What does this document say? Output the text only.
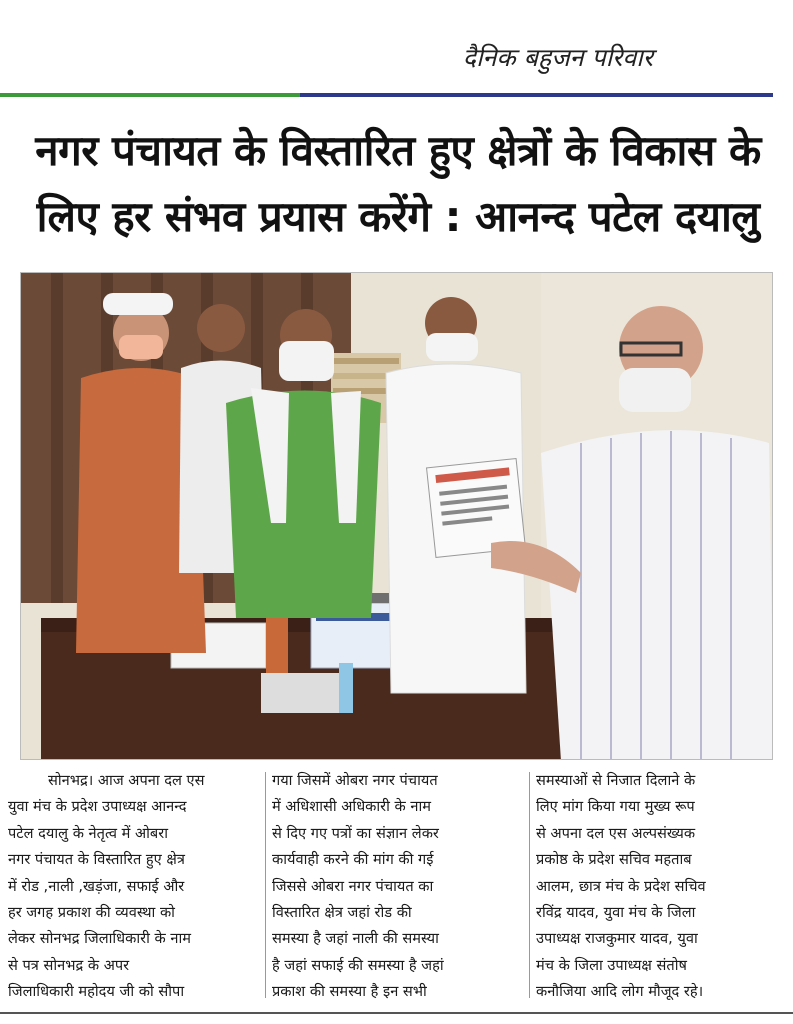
दैनिक बहुजन परिवार
नगर पंचायत के विस्तारित हुए क्षेत्रों के विकास के
लिए हर संभव प्रयास करेंगे : आनन्द पटेल दयालु
सोनभद्र। आज अपना दल एस
युवा मंच के प्रदेश उपाध्यक्ष आनन्द
पटेल दयालु के नेतृत्व में ओबरा
नगर पंचायत के विस्तारित हुए क्षेत्र
में रोड ,नाली ,खड़ंजा, सफाई और
हर जगह प्रकाश की व्यवस्था को
लेकर सोनभद्र जिलाधिकारी के नाम
से पत्र सोनभद्र के अपर
जिलाधिकारी महोदय जी को सौपा
गया जिसमें ओबरा नगर पंचायत
में अधिशासी अधिकारी के नाम
से दिए गए पत्रों का संज्ञान लेकर
कार्यवाही करने की मांग की गई
जिससे ओबरा नगर पंचायत का
विस्तारित क्षेत्र जहां रोड की
समस्या है जहां नाली की समस्या
है जहां सफाई की समस्या है जहां
प्रकाश की समस्या है इन सभी
समस्याओं से निजात दिलाने के
लिए मांग किया गया मुख्य रूप
से अपना दल एस अल्पसंख्यक
प्रकोष्ठ के प्रदेश सचिव महताब
आलम, छात्र मंच के प्रदेश सचिव
रविंद्र यादव, युवा मंच के जिला
उपाध्यक्ष राजकुमार यादव, युवा
मंच के जिला उपाध्यक्ष संतोष
कनौजिया आदि लोग मौजूद रहे।
